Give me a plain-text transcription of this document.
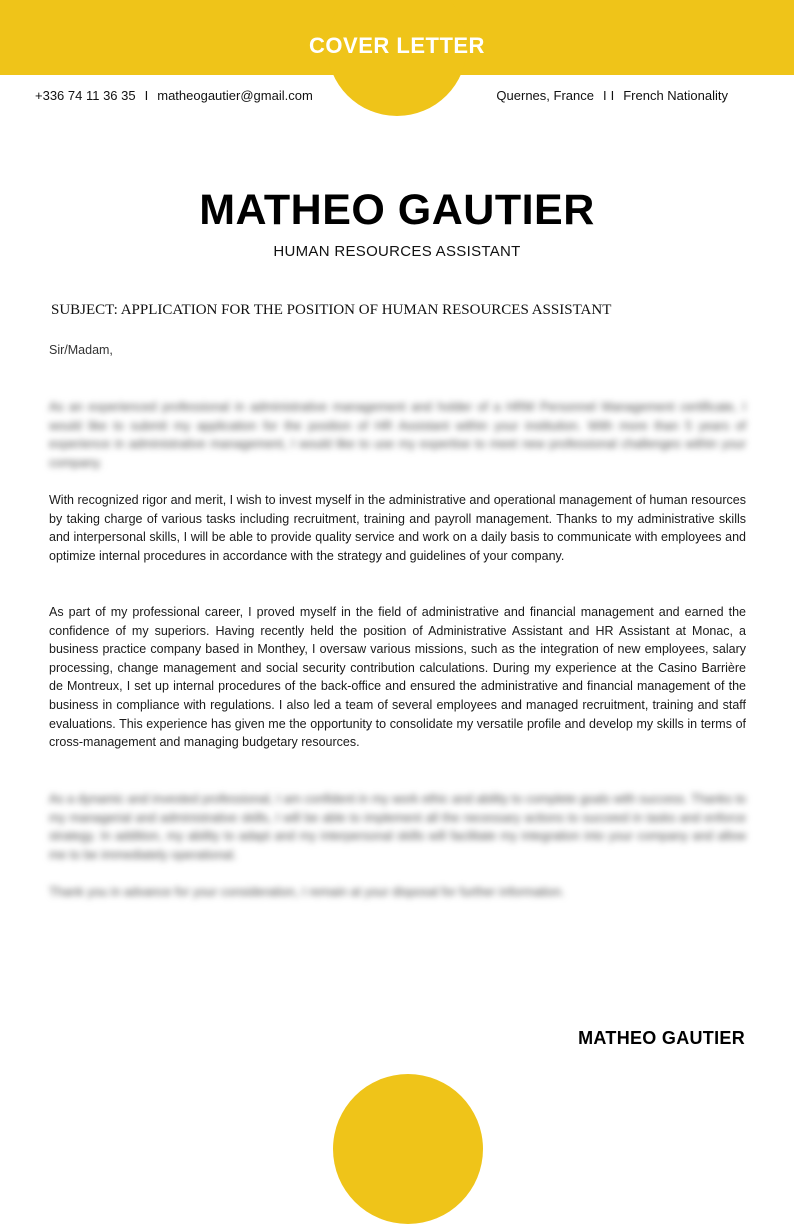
COVER LETTER
+336 74 11 36 35 I matheogautier@gmail.com	Quernes, France I I French Nationality
MATHEO GAUTIER
HUMAN RESOURCES ASSISTANT
SUBJECT: APPLICATION FOR THE POSITION OF HUMAN RESOURCES ASSISTANT
Sir/Madam,

As an experienced professional in administrative management and holder of a HRM Personnel Management certificate, I would like to submit my application for the position of HR Assistant within your institution. With more than 5 years of experience in administrative management, I would like to use my expertise to meet new professional challenges within your company.

With recognized rigor and merit, I wish to invest myself in the administrative and operational management of human resources by taking charge of various tasks including recruitment, training and payroll management. Thanks to my administrative skills and interpersonal skills, I will be able to provide quality service and work on a daily basis to communicate with employees and optimize internal procedures in accordance with the strategy and guidelines of your company.

As part of my professional career, I proved myself in the field of administrative and financial management and earned the confidence of my superiors. Having recently held the position of Administrative Assistant and HR Assistant at Monac, a business practice company based in Monthey, I oversaw various missions, such as the integration of new employees, salary processing, change management and social security contribution calculations. During my experience at the Casino Barrière de Montreux, I set up internal procedures of the back-office and ensured the administrative and financial management of the business in compliance with regulations. I also led a team of several employees and managed recruitment, training and staff evaluations. This experience has given me the opportunity to consolidate my versatile profile and develop my skills in terms of cross-management and managing budgetary resources.

As a dynamic and invested professional, I am confident in my work ethic and ability to complete goals with success. Thanks to my managerial and administrative skills, I will be able to implement all the necessary actions to succeed in tasks and enforce strategy. In addition, my ability to adapt and my interpersonal skills will facilitate my integration into your company and allow me to be immediately operational.

Thank you in advance for your consideration, I remain at your disposal for further information.

MATHEO GAUTIER
